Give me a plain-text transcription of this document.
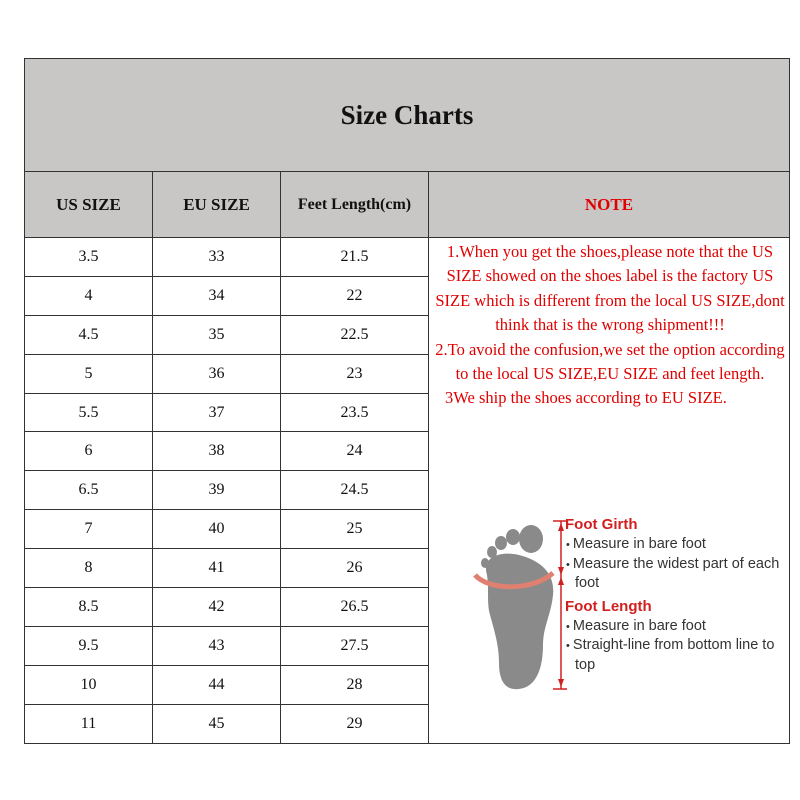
Size Charts
US SIZE	EU SIZE	Feet Length(cm)	NOTE
3.5	33	21.5
4	34	22
4.5	35	22.5
5	36	23
5.5	37	23.5
6	38	24
6.5	39	24.5
7	40	25
8	41	26
8.5	42	26.5
9.5	43	27.5
10	44	28
11	45	29

1.When you get the shoes,please note that the US SIZE showed on the shoes label is the factory US SIZE which is different from the local US SIZE,dont think that is the wrong shipment!!!

2.To avoid the confusion,we set the option according to the local US SIZE,EU SIZE and feet length.

3We ship the shoes according to EU SIZE.

Foot Girth

• Measure in bare foot

• Measure the widest part of each foot

Foot Length

• Measure in bare foot

• Straight-line from bottom line to top
